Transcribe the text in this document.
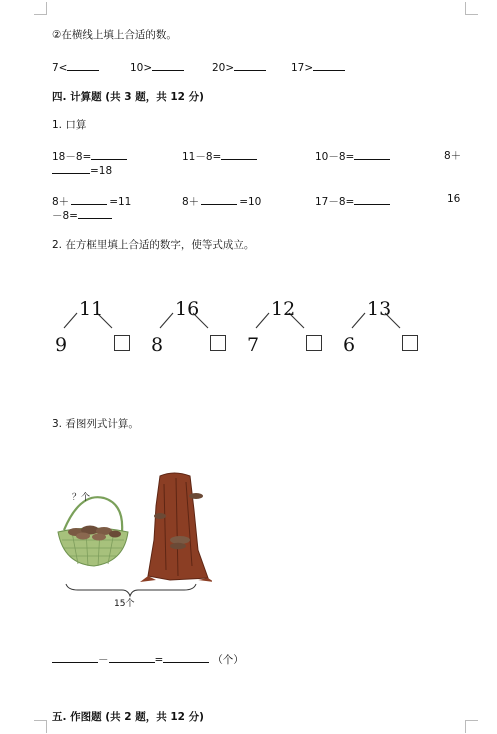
②在横线上填上合适的数。
7<	10>	20>	17>
四. 计算题 (共 3 题，共 12 分)
1. 口算
18－8=	11－8=	10－8=	8＋
=18
8＋	=11	8＋	=10	17－8=	16
－8=
2. 在方框里填上合适的数字，使等式成立。
11
9
16
8
12
7
13
6
3. 看图列式计算。
？个
15个
－	=	（个）
五. 作图题 (共 2 题，共 12 分)
